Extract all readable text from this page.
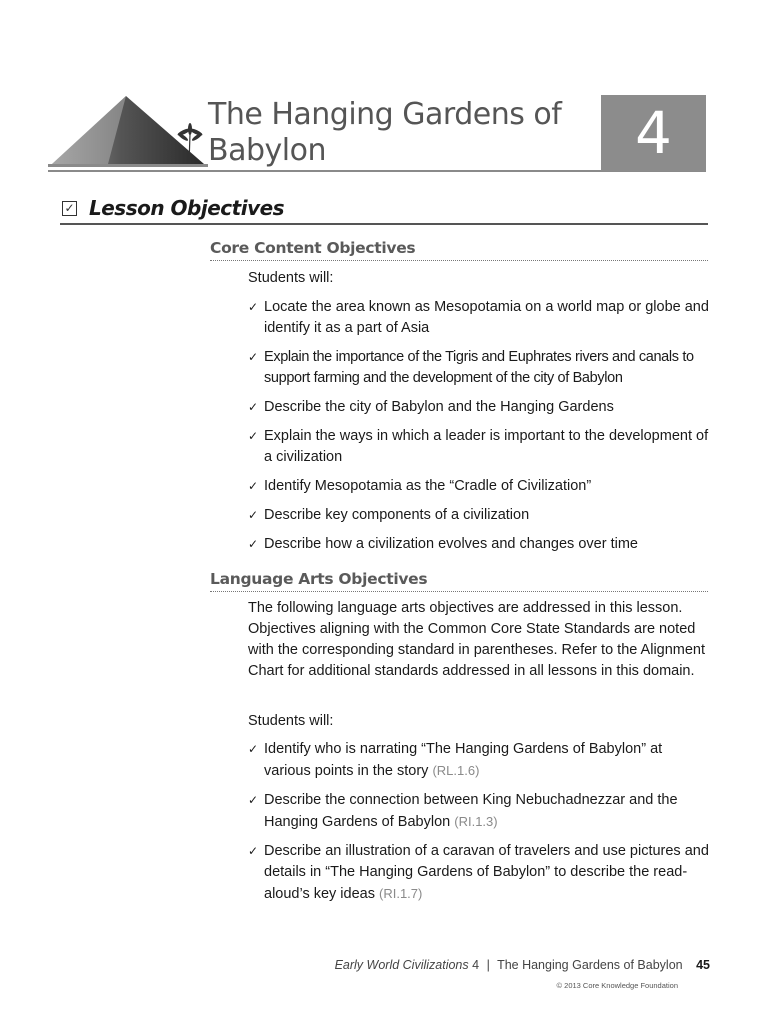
The Hanging Gardens of Babylon	4
✓ Lesson Objectives
Core Content Objectives
Students will:
✓ Locate the area known as Mesopotamia on a world map or globe and identify it as a part of Asia
✓ Explain the importance of the Tigris and Euphrates rivers and canals to support farming and the development of the city of Babylon
✓ Describe the city of Babylon and the Hanging Gardens
✓ Explain the ways in which a leader is important to the development of a civilization
✓ Identify Mesopotamia as the “Cradle of Civilization”
✓ Describe key components of a civilization
✓ Describe how a civilization evolves and changes over time
Language Arts Objectives
The following language arts objectives are addressed in this lesson. Objectives aligning with the Common Core State Standards are noted with the corresponding standard in parentheses. Refer to the Alignment Chart for additional standards addressed in all lessons in this domain.
Students will:
✓ Identify who is narrating “The Hanging Gardens of Babylon” at various points in the story (RL.1.6)
✓ Describe the connection between King Nebuchadnezzar and the Hanging Gardens of Babylon (RI.1.3)
✓ Describe an illustration of a caravan of travelers and use pictures and details in “The Hanging Gardens of Babylon” to describe the read-aloud’s key ideas (RI.1.7)
Early World Civilizations 4 | The Hanging Gardens of Babylon 45
© 2013 Core Knowledge Foundation
